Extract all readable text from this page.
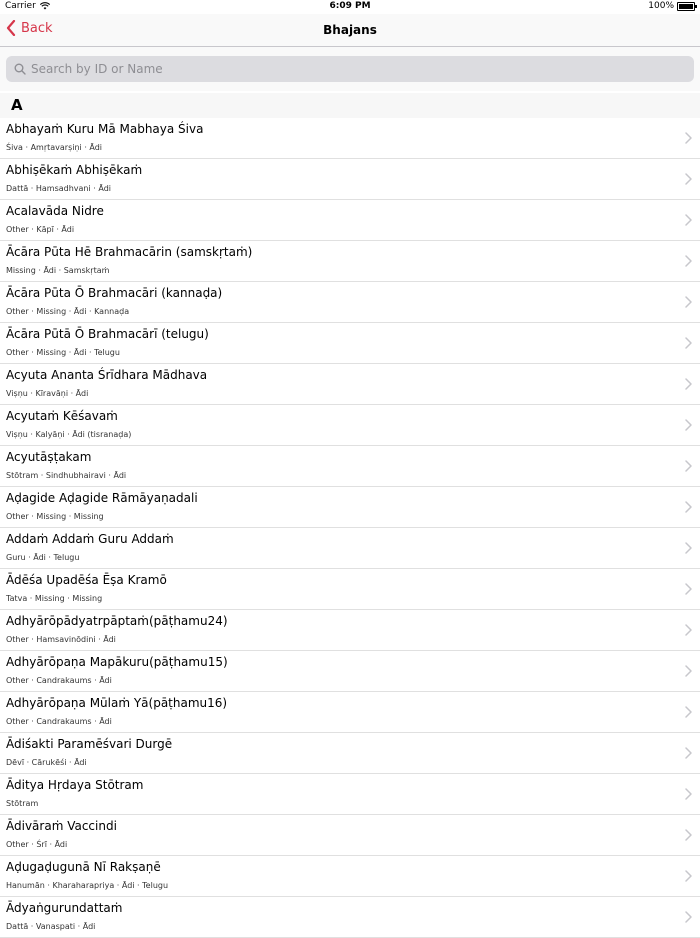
Carrier	6:09 PM	100%
Back	Bhajans
Search by ID or Name
A
Abhayaṁ Kuru Mā Mabhaya Śiva
Śiva · Amṛtavarṣiṇi · Ādi
Abhiṣēkaṁ Abhiṣēkaṁ
Dattā · Hamsadhvani · Ādi
Acalavāda Nidre
Other · Kāpī · Ādi
Ācāra Pūta Hē Brahmacārin (samskṛtaṁ)
Missing · Ādi · Samskṛtaṁ
Ācāra Pūta Ō Brahmacāri (kannaḍa)
Other · Missing · Ādi · Kannaḍa
Ācāra Pūtā Ō Brahmacārī (telugu)
Other · Missing · Ādi · Telugu
Acyuta Ananta Śrīdhara Mādhava
Viṣṇu · Kīravāṇi · Ādi
Acyutaṁ Kēśavaṁ
Viṣṇu · Kalyāṇi · Ādi (tisranaḍa)
Acyutāṣṭakam
Stōtram · Sindhubhairavi · Ādi
Aḍagide Aḍagide Rāmāyaṇadali
Other · Missing · Missing
Addaṁ Addaṁ Guru Addaṁ
Guru · Ādi · Telugu
Ādēśa Upadēśa Ēṣa Kramō
Tatva · Missing · Missing
Adhyārōpādyatrpāptaṁ(pāṭhamu24)
Other · Hamsavinōdini · Ādi
Adhyārōpaṇa Mapākuru(pāṭhamu15)
Other · Candrakaums · Ādi
Adhyārōpaṇa Mūlaṁ Yā(pāṭhamu16)
Other · Candrakaums · Ādi
Ādiśakti Paramēśvari Durgē
Dēvī · Cārukēśi · Ādi
Āditya Hṛdaya Stōtram
Stōtram
Ādivāraṁ Vaccindi
Other · Śrī · Ādi
Aḍugaḍugunā Nī Rakṣaṇē
Hanumān · Kharaharapriya · Ādi · Telugu
Ādyaṅgurundattaṁ
Dattā · Vanaspati · Ādi
